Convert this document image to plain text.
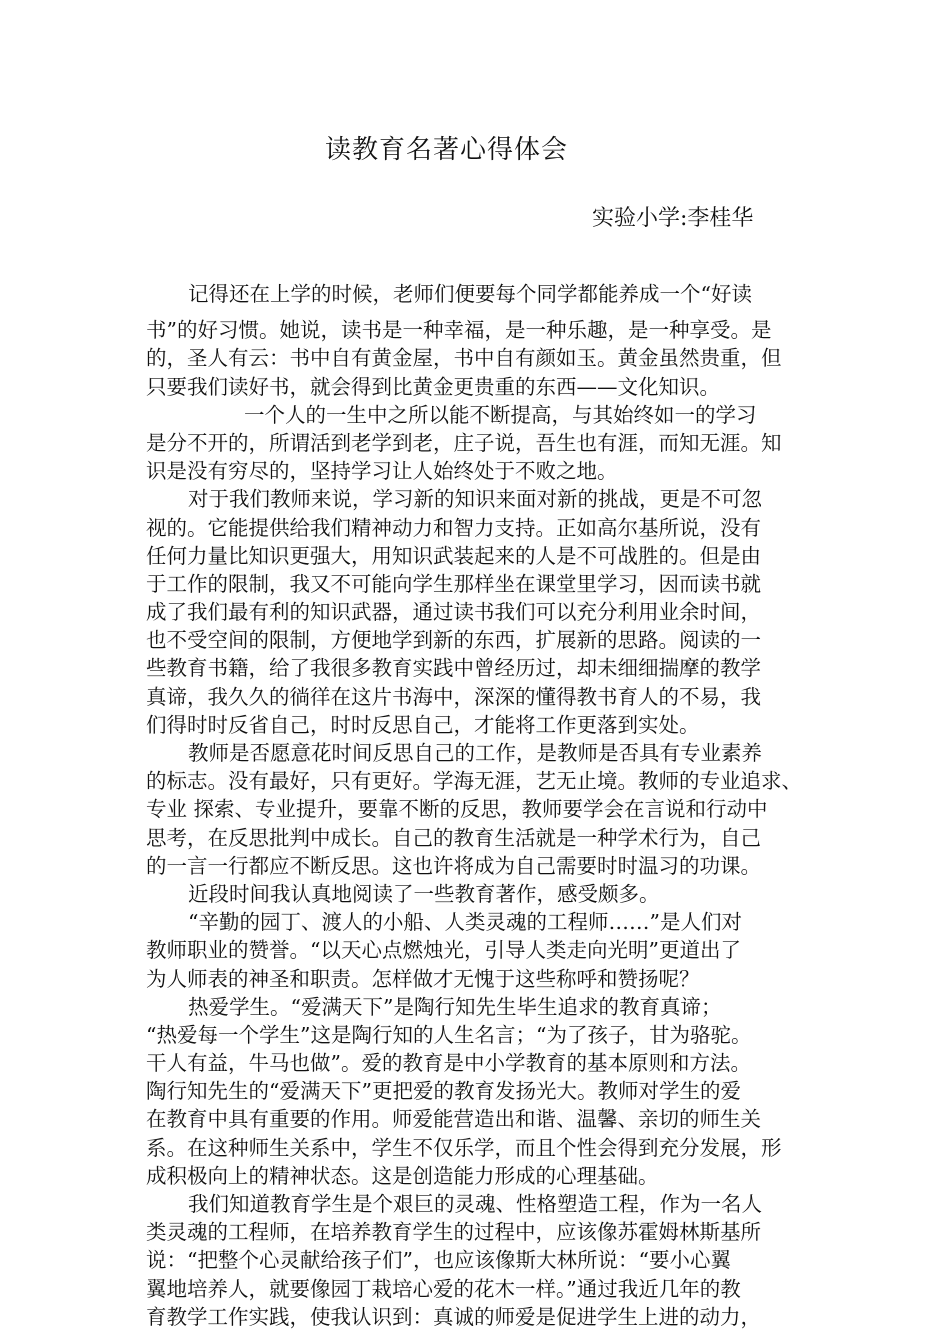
读教育名著心得体会
实验小学:李桂华
记得还在上学的时候，老师们便要每个同学都能养成一个“好读
书”的好习惯。她说，读书是一种幸福，是一种乐趣，是一种享受。是
的，圣人有云：书中自有黄金屋，书中自有颜如玉。黄金虽然贵重，但
只要我们读好书，就会得到比黄金更贵重的东西——文化知识。
一个人的一生中之所以能不断提高，与其始终如一的学习
是分不开的，所谓活到老学到老，庄子说，吾生也有涯，而知无涯。知
识是没有穷尽的，坚持学习让人始终处于不败之地。
对于我们教师来说，学习新的知识来面对新的挑战，更是不可忽
视的。它能提供给我们精神动力和智力支持。正如高尔基所说，没有
任何力量比知识更强大，用知识武装起来的人是不可战胜的。但是由
于工作的限制，我又不可能向学生那样坐在课堂里学习，因而读书就
成了我们最有利的知识武器，通过读书我们可以充分利用业余时间，
也不受空间的限制，方便地学到新的东西，扩展新的思路。阅读的一
些教育书籍，给了我很多教育实践中曾经历过，却未细细揣摩的教学
真谛，我久久的徜徉在这片书海中，深深的懂得教书育人的不易，我
们得时时反省自己，时时反思自己，才能将工作更落到实处。
教师是否愿意花时间反思自己的工作，是教师是否具有专业素养
的标志。没有最好，只有更好。学海无涯，艺无止境。教师的专业追求、
专业 探索、专业提升，要靠不断的反思，教师要学会在言说和行动中
思考，在反思批判中成长。自己的教育生活就是一种学术行为，自己
的一言一行都应不断反思。这也许将成为自己需要时时温习的功课。
近段时间我认真地阅读了一些教育著作，感受颇多。
“辛勤的园丁、渡人的小船、人类灵魂的工程师……”是人们对
教师职业的赞誉。“以天心点燃烛光，引导人类走向光明”更道出了
为人师表的神圣和职责。怎样做才无愧于这些称呼和赞扬呢？
热爱学生。“爱满天下”是陶行知先生毕生追求的教育真谛；
“热爱每一个学生”这是陶行知的人生名言；“为了孩子，甘为骆驼。
干人有益，牛马也做”。爱的教育是中小学教育的基本原则和方法。
陶行知先生的“爱满天下”更把爱的教育发扬光大。教师对学生的爱
在教育中具有重要的作用。师爱能营造出和谐、温馨、亲切的师生关
系。在这种师生关系中，学生不仅乐学，而且个性会得到充分发展，形
成积极向上的精神状态。这是创造能力形成的心理基础。
我们知道教育学生是个艰巨的灵魂、性格塑造工程，作为一名人
类灵魂的工程师，在培养教育学生的过程中，应该像苏霍姆林斯基所
说：“把整个心灵献给孩子们”，也应该像斯大林所说：“要小心翼
翼地培养人，就要像园丁栽培心爱的花木一样。”通过我近几年的教
育教学工作实践，使我认识到：真诚的师爱是促进学生上进的动力，
